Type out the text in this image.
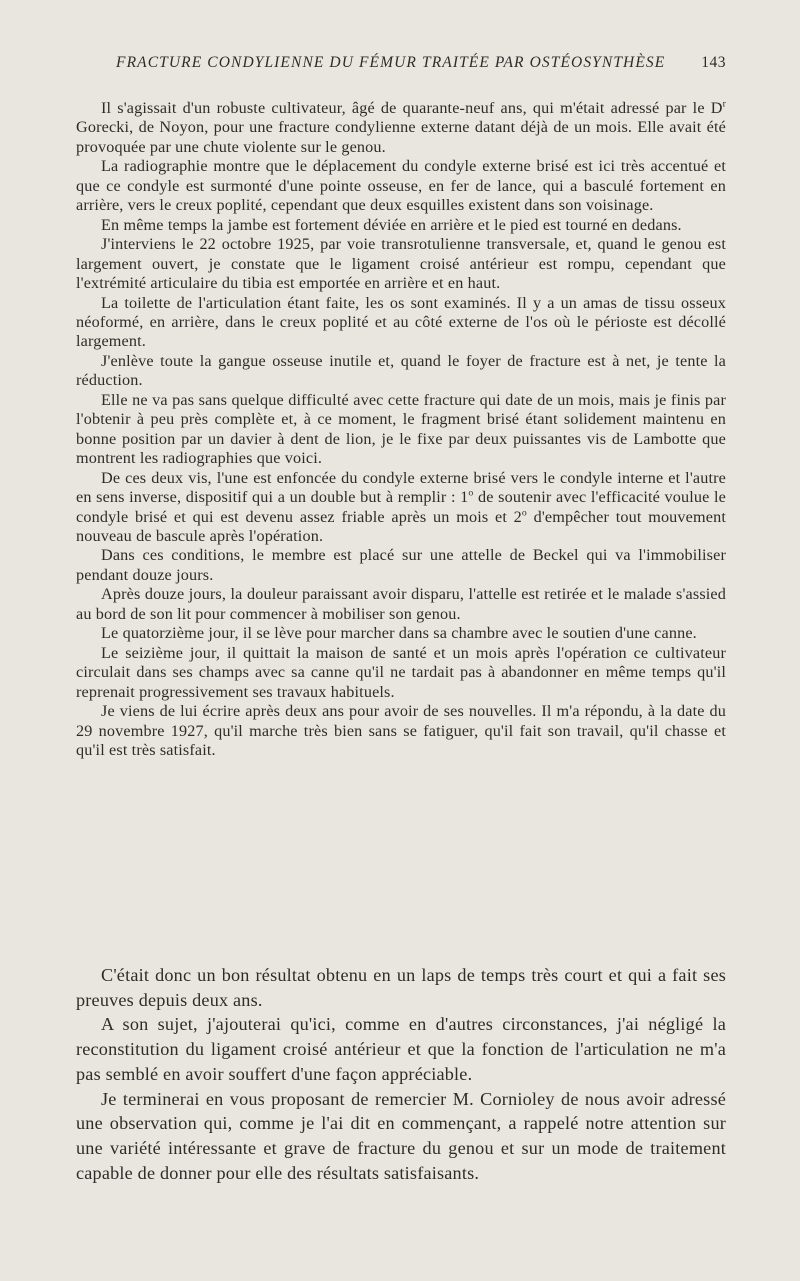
FRACTURE CONDYLIENNE DU FÉMUR TRAITÉE PAR OSTÉOSYNTHÈSE 143

Il s'agissait d'un robuste cultivateur, âgé de quarante-neuf ans, qui m'était adressé par le $D^r$ Gorecki, de Noyon, pour une fracture condylienne externe datant déjà de un mois. Elle avait été provoquée par une chute violente sur le genou.

La radiographie montre que le déplacement du condyle externe brisé est ici très accentué et que ce condyle est surmonté d'une pointe osseuse, en fer de lance, qui a basculé fortement en arrière, vers le creux poplité, cependant que deux esquilles existent dans son voisinage.

En même temps la jambe est fortement déviée en arrière et le pied est tourné en dedans.

J'interviens le 22 octobre 1925, par voie transrotulienne transversale, et, quand le genou est largement ouvert, je constate que le ligament croisé antérieur est rompu, cependant que l'extrémité articulaire du tibia est emportée en arrière et en haut.

La toilette de l'articulation étant faite, les os sont examinés. Il y a un amas de tissu osseux néoformé, en arrière, dans le creux poplité et au côté externe de l'os où le périoste est décollé largement.

J'enlève toute la gangue osseuse inutile et, quand le foyer de fracture est à net, je tente la réduction.

Elle ne va pas sans quelque difficulté avec cette fracture qui date de un mois, mais je finis par l'obtenir à peu près complète et, à ce moment, le fragment brisé étant solidement maintenu en bonne position par un davier à dent de lion, je le fixe par deux puissantes vis de Lambotte que montrent les radiographies que voici.

De ces deux vis, l'une est enfoncée du condyle externe brisé vers le condyle interne et l'autre en sens inverse, dispositif qui a un double but à remplir : 1$^o$ de soutenir avec l'efficacité voulue le condyle brisé et qui est devenu assez friable après un mois et 2$^o$ d'empêcher tout mouvement nouveau de bascule après l'opération.

Dans ces conditions, le membre est placé sur une attelle de Beckel qui va l'immobiliser pendant douze jours.

Après douze jours, la douleur paraissant avoir disparu, l'attelle est retirée et le malade s'assied au bord de son lit pour commencer à mobiliser son genou.

Le quatorzième jour, il se lève pour marcher dans sa chambre avec le soutien d'une canne.

Le seizième jour, il quittait la maison de santé et un mois après l'opération ce cultivateur circulait dans ses champs avec sa canne qu'il ne tardait pas à abandonner en même temps qu'il reprenait progressivement ses travaux habituels.

Je viens de lui écrire après deux ans pour avoir de ses nouvelles. Il m'a répondu, à la date du 29 novembre 1927, qu'il marche très bien sans se fatiguer, qu'il fait son travail, qu'il chasse et qu'il est très satisfait.

C'était donc un bon résultat obtenu en un laps de temps très court et qui a fait ses preuves depuis deux ans.

A son sujet, j'ajouterai qu'ici, comme en d'autres circonstances, j'ai négligé la reconstitution du ligament croisé antérieur et que la fonction de l'articulation ne m'a pas semblé en avoir souffert d'une façon appréciable.

Je terminerai en vous proposant de remercier M. Cornioley de nous avoir adressé une observation qui, comme je l'ai dit en commençant, a rappelé notre attention sur une variété intéressante et grave de fracture du genou et sur un mode de traitement capable de donner pour elle des résultats satisfaisants.
